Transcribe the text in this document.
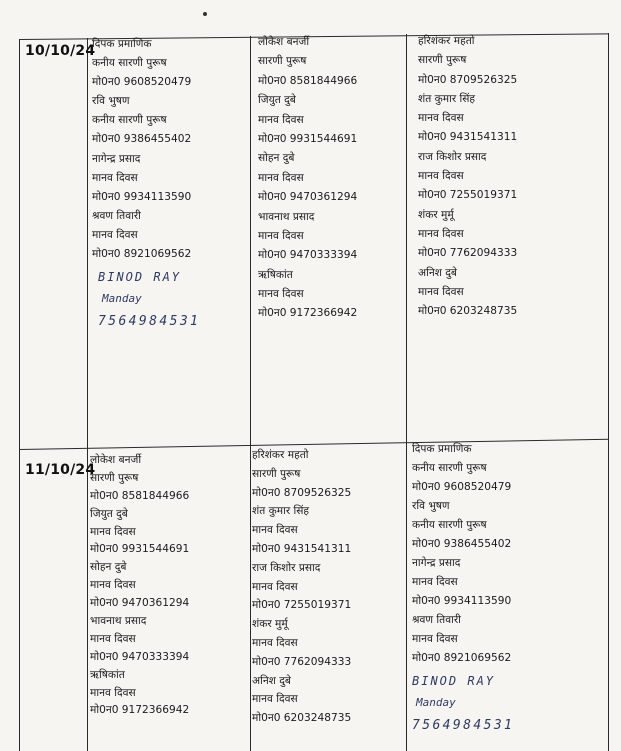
10/10/24
दिपक प्रमाणिक
कनीय सारणी पुरूष
मो0न0 9608520479
रवि भुषण
कनीय सारणी पुरूष
मो0न0 9386455402
नागेन्द्र प्रसाद
मानव दिवस
मो0न0 9934113590
श्रवण तिवारी
मानव दिवस
मो0न0 8921069562
BINOD RAY
Manday
7564984531
लोकेश बनर्जी
सारणी पुरूष
मो0न0 8581844966
जियुत दुबे
मानव दिवस
मो0न0 9931544691
सोहन दुबे
मानव दिवस
मो0न0 9470361294
भावनाथ प्रसाद
मानव दिवस
मो0न0 9470333394
ऋषिकांत
मानव दिवस
मो0न0 9172366942
हरिशंकर महतो
सारणी पुरूष
मो0न0 8709526325
शंत कुमार सिंह
मानव दिवस
मो0न0 9431541311
राज किशोर प्रसाद
मानव दिवस
मो0न0 7255019371
शंकर मुर्मू
मानव दिवस
मो0न0 7762094333
अनिश दुबे
मानव दिवस
मो0न0 6203248735
11/10/24
लोकेश बनर्जी
सारणी पुरूष
मो0न0 8581844966
जियुत दुबे
मानव दिवस
मो0न0 9931544691
सोहन दुबे
मानव दिवस
मो0न0 9470361294
भावनाथ प्रसाद
मानव दिवस
मो0न0 9470333394
ऋषिकांत
मानव दिवस
मो0न0 9172366942
हरिशंकर महतो
सारणी पुरूष
मो0न0 8709526325
शंत कुमार सिंह
मानव दिवस
मो0न0 9431541311
राज किशोर प्रसाद
मानव दिवस
मो0न0 7255019371
शंकर मुर्मू
मानव दिवस
मो0न0 7762094333
अनिश दुबे
मानव दिवस
मो0न0 6203248735
दिपक प्रमाणिक
कनीय सारणी पुरूष
मो0न0 9608520479
रवि भुषण
कनीय सारणी पुरूष
मो0न0 9386455402
नागेन्द्र प्रसाद
मानव दिवस
मो0न0 9934113590
श्रवण तिवारी
मानव दिवस
मो0न0 8921069562
BINOD RAY
Manday
7564984531
